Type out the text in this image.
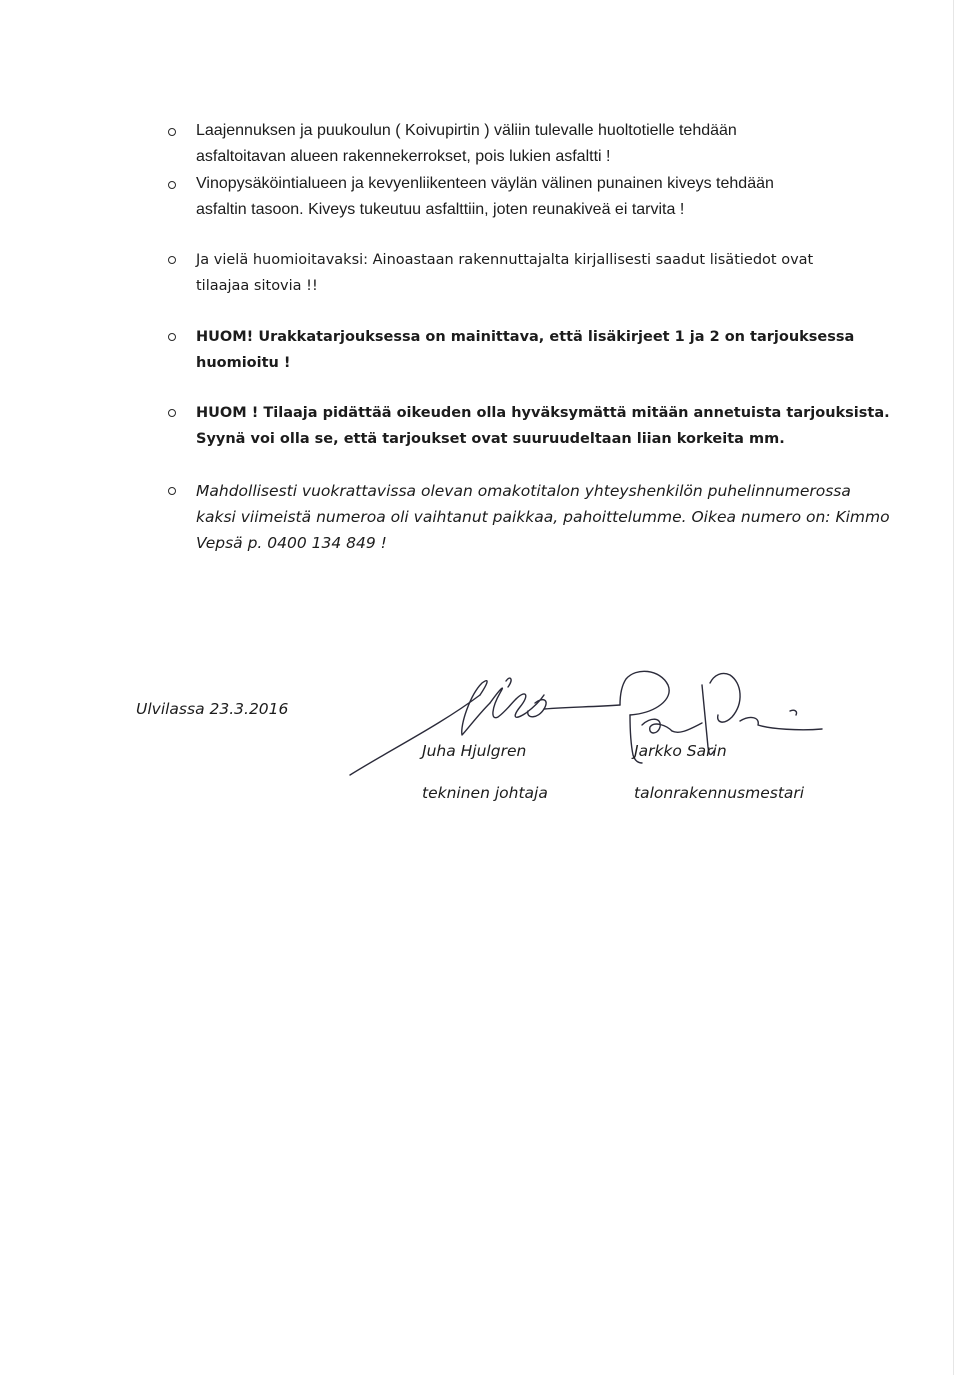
Laajennuksen ja puukoulun ( Koivupirtin ) väliin tulevalle huoltotielle tehdään
asfaltoitavan alueen rakennekerrokset, pois lukien asfaltti !
Vinopysäköintialueen ja kevyenliikenteen väylän välinen punainen kiveys tehdään
asfaltin tasoon. Kiveys tukeutuu asfalttiin, joten reunakiveä ei tarvita !
Ja vielä huomioitavaksi: Ainoastaan rakennuttajalta kirjallisesti saadut lisätiedot ovat
tilaajaa sitovia !!
HUOM! Urakkatarjouksessa on mainittava, että lisäkirjeet 1 ja 2 on tarjouksessa
huomioitu !
HUOM ! Tilaaja pidättää oikeuden olla hyväksymättä mitään annetuista tarjouksista.
Syynä voi olla se, että tarjoukset ovat suuruudeltaan liian korkeita mm.
Mahdollisesti vuokrattavissa olevan omakotitalon yhteyshenkilön puhelinnumerossa
kaksi viimeistä numeroa oli vaihtanut paikkaa, pahoittelumme. Oikea numero on: Kimmo
Vepsä p. 0400 134 849 !
Ulvilassa 23.3.2016
Juha Hjulgren	Jarkko Sarin
tekninen johtaja	talonrakennusmestari
